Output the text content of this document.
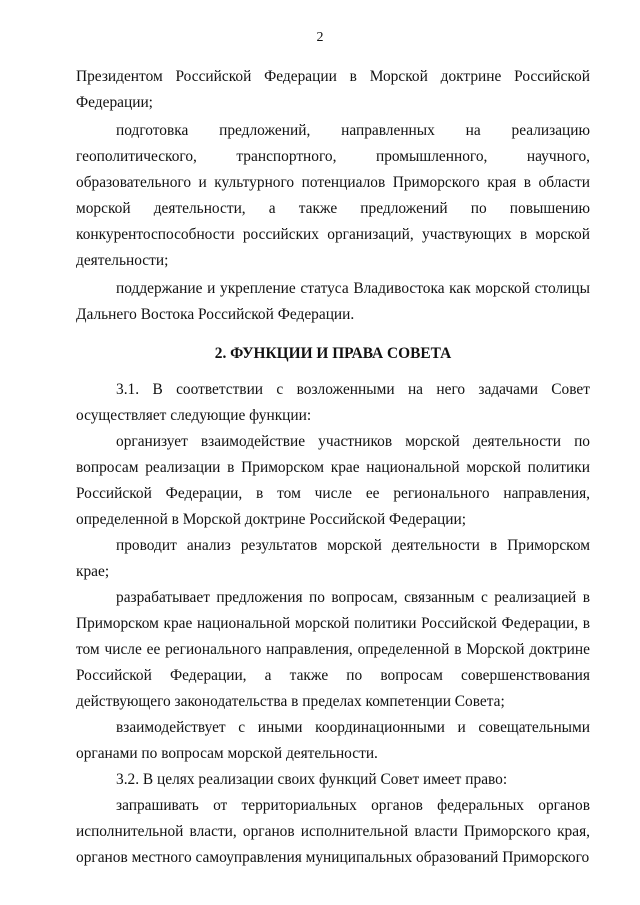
2

Президентом Российской Федерации в Морской доктрине Российской Федерации;

подготовка предложений, направленных на реализацию геополитического, транспортного, промышленного, научного, образовательного и культурного потенциалов Приморского края в области морской деятельности, а также предложений по повышению конкурентоспособности российских организаций, участвующих в морской деятельности;

поддержание и укрепление статуса Владивостока как морской столицы Дальнего Востока Российской Федерации.

2. ФУНКЦИИ И ПРАВА СОВЕТА

3.1. В соответствии с возложенными на него задачами Совет осуществляет следующие функции:

организует взаимодействие участников морской деятельности по вопросам реализации в Приморском крае национальной морской политики Российской Федерации, в том числе ее регионального направления, определенной в Морской доктрине Российской Федерации;

проводит анализ результатов морской деятельности в Приморском крае;

разрабатывает предложения по вопросам, связанным с реализацией в Приморском крае национальной морской политики Российской Федерации, в том числе ее регионального направления, определенной в Морской доктрине Российской Федерации, а также по вопросам совершенствования действующего законодательства в пределах компетенции Совета;

взаимодействует с иными координационными и совещательными органами по вопросам морской деятельности.

3.2. В целях реализации своих функций Совет имеет право:

запрашивать от территориальных органов федеральных органов исполнительной власти, органов исполнительной власти Приморского края, органов местного самоуправления муниципальных образований Приморского
